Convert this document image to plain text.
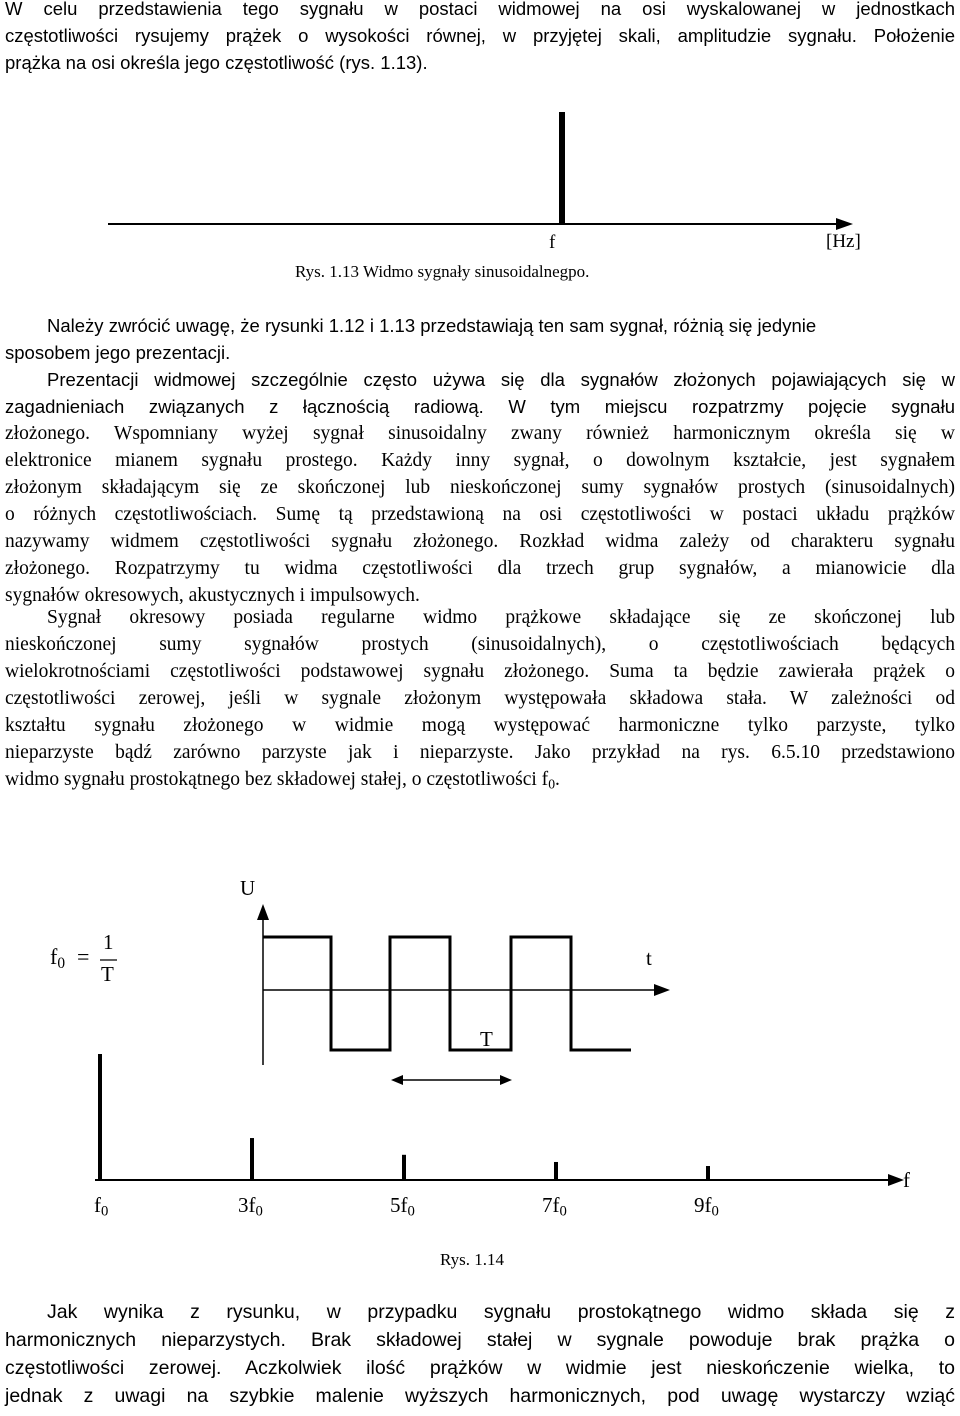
W celu przedstawienia tego sygnału w postaci widmowej na osi wyskalowanej w jednostkach
częstotliwości rysujemy prążek o wysokości równej, w przyjętej skali, amplitudzie sygnału. Położenie
prążka na osi określa jego częstotliwość (rys. 1.13).
f	[Hz]
Rys. 1.13 Widmo sygnały sinusoidalnegpo.
Należy zwrócić uwagę, że rysunki 1.12 i 1.13 przedstawiają ten sam sygnał, różnią się jedynie
sposobem jego prezentacji.
Prezentacji widmowej szczególnie często używa się dla sygnałów złożonych pojawiających się w
zagadnieniach związanych z łącznością radiową. W tym miejscu rozpatrzmy pojęcie sygnału
złożonego. Wspomniany wyżej sygnał sinusoidalny zwany również harmonicznym określa się w
elektronice mianem sygnału prostego. Każdy inny sygnał, o dowolnym kształcie, jest sygnałem
złożonym składającym się ze skończonej lub nieskończonej sumy sygnałów prostych (sinusoidalnych)
o różnych częstotliwościach. Sumę tą przedstawioną na osi częstotliwości w postaci układu prążków
nazywamy widmem częstotliwości sygnału złożonego. Rozkład widma zależy od charakteru sygnału
złożonego. Rozpatrzymy tu widma częstotliwości dla trzech grup sygnałów, a mianowicie dla
sygnałów okresowych, akustycznych i impulsowych.
Sygnał okresowy posiada regularne widmo prążkowe składające się ze skończonej lub
nieskończonej sumy sygnałów prostych (sinusoidalnych), o częstotliwościach będących
wielokrotnościami częstotliwości podstawowej sygnału złożonego. Suma ta będzie zawierała prążek o
częstotliwości zerowej, jeśli w sygnale złożonym występowała składowa stała. W zależności od
kształtu sygnału złożonego w widmie mogą występować harmoniczne tylko parzyste, tylko
nieparzyste bądź zarówno parzyste jak i nieparzyste. Jako przykład na rys. 6.5.10 przedstawiono
widmo sygnału prostokątnego bez składowej stałej, o częstotliwości $f_0$.
U
t
T
$f_0$ =
1
T
f
$f_0$	$3f_0$	$5f_0$	$7f_0$	$9f_0$
Rys. 1.14
Jak wynika z rysunku, w przypadku sygnału prostokątnego widmo składa się z
harmonicznych nieparzystych. Brak składowej stałej w sygnale powoduje brak prążka o
częstotliwości zerowej. Aczkolwiek ilość prążków w widmie jest nieskończenie wielka, to
jednak z uwagi na szybkie malenie wyższych harmonicznych, pod uwagę wystarczy wziąć
